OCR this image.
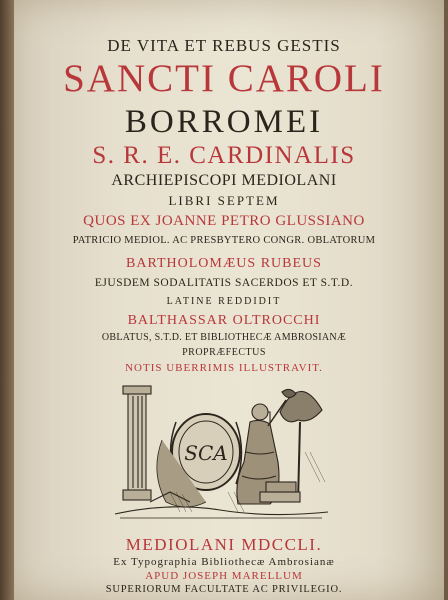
DE VITA ET REBUS GESTIS
SANCTI CAROLI
BORROMEI
S. R. E. CARDINALIS
ARCHIEPISCOPI MEDIOLANI
LIBRI SEPTEM
QUOS EX JOANNE PETRO GLUSSIANO
PATRICIO MEDIOL. AC PRESBYTERO CONGR. OBLATORUM
BARTHOLOMÆUS RUBEUS
EJUSDEM SODALITATIS SACERDOS ET S.T.D.
LATINE REDDIDIT
BALTHASSAR OLTROCCHI
OBLATUS, S.T.D. ET BIBLIOTHECÆ AMBROSIANÆ
PROPRÆFECTUS
NOTIS UBERRIMIS ILLUSTRAVIT.
SCA
MEDIOLANI MDCCLI.
Ex Typographia Bibliothecæ Ambrosianæ
APUD JOSEPH MARELLUM
SUPERIORUM FACULTATE AC PRIVILEGIO.
